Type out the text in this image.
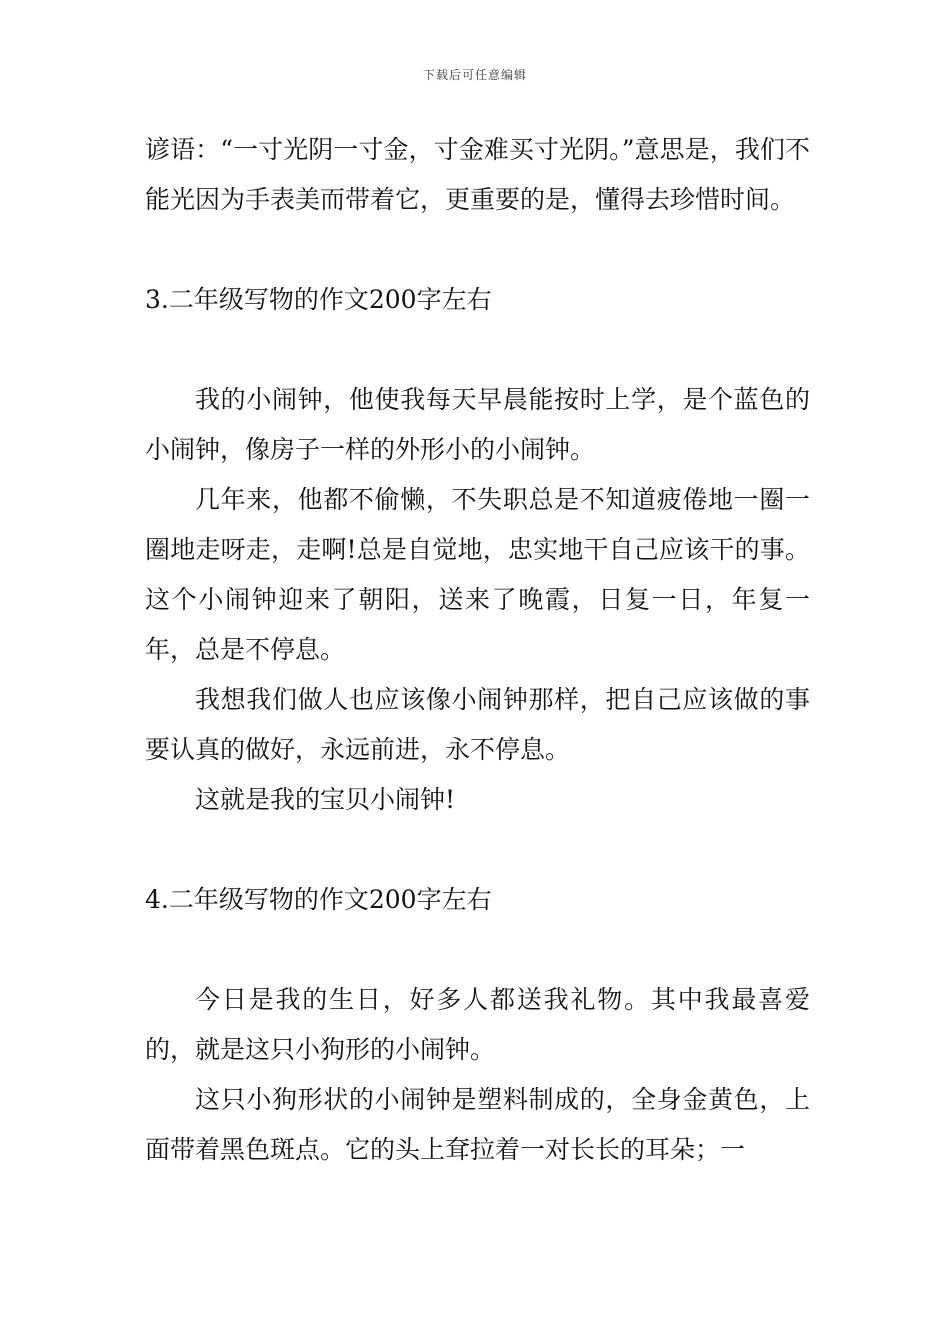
下载后可任意编辑

谚语：“一寸光阴一寸金，寸金难买寸光阴。”意思是，我们不能光因为手表美而带着它，更重要的是，懂得去珍惜时间。

3.二年级写物的作文200字左右

我的小闹钟，他使我每天早晨能按时上学，是个蓝色的小闹钟，像房子一样的外形小的小闹钟。

几年来，他都不偷懒，不失职总是不知道疲倦地一圈一圈地走呀走，走啊!总是自觉地，忠实地干自己应该干的事。这个小闹钟迎来了朝阳，送来了晚霞，日复一日，年复一年，总是不停息。

我想我们做人也应该像小闹钟那样，把自己应该做的事要认真的做好，永远前进，永不停息。

这就是我的宝贝小闹钟!

4.二年级写物的作文200字左右

今日是我的生日，好多人都送我礼物。其中我最喜爱的，就是这只小狗形的小闹钟。

这只小狗形状的小闹钟是塑料制成的，全身金黄色，上面带着黑色斑点。它的头上耷拉着一对长长的耳朵；一
